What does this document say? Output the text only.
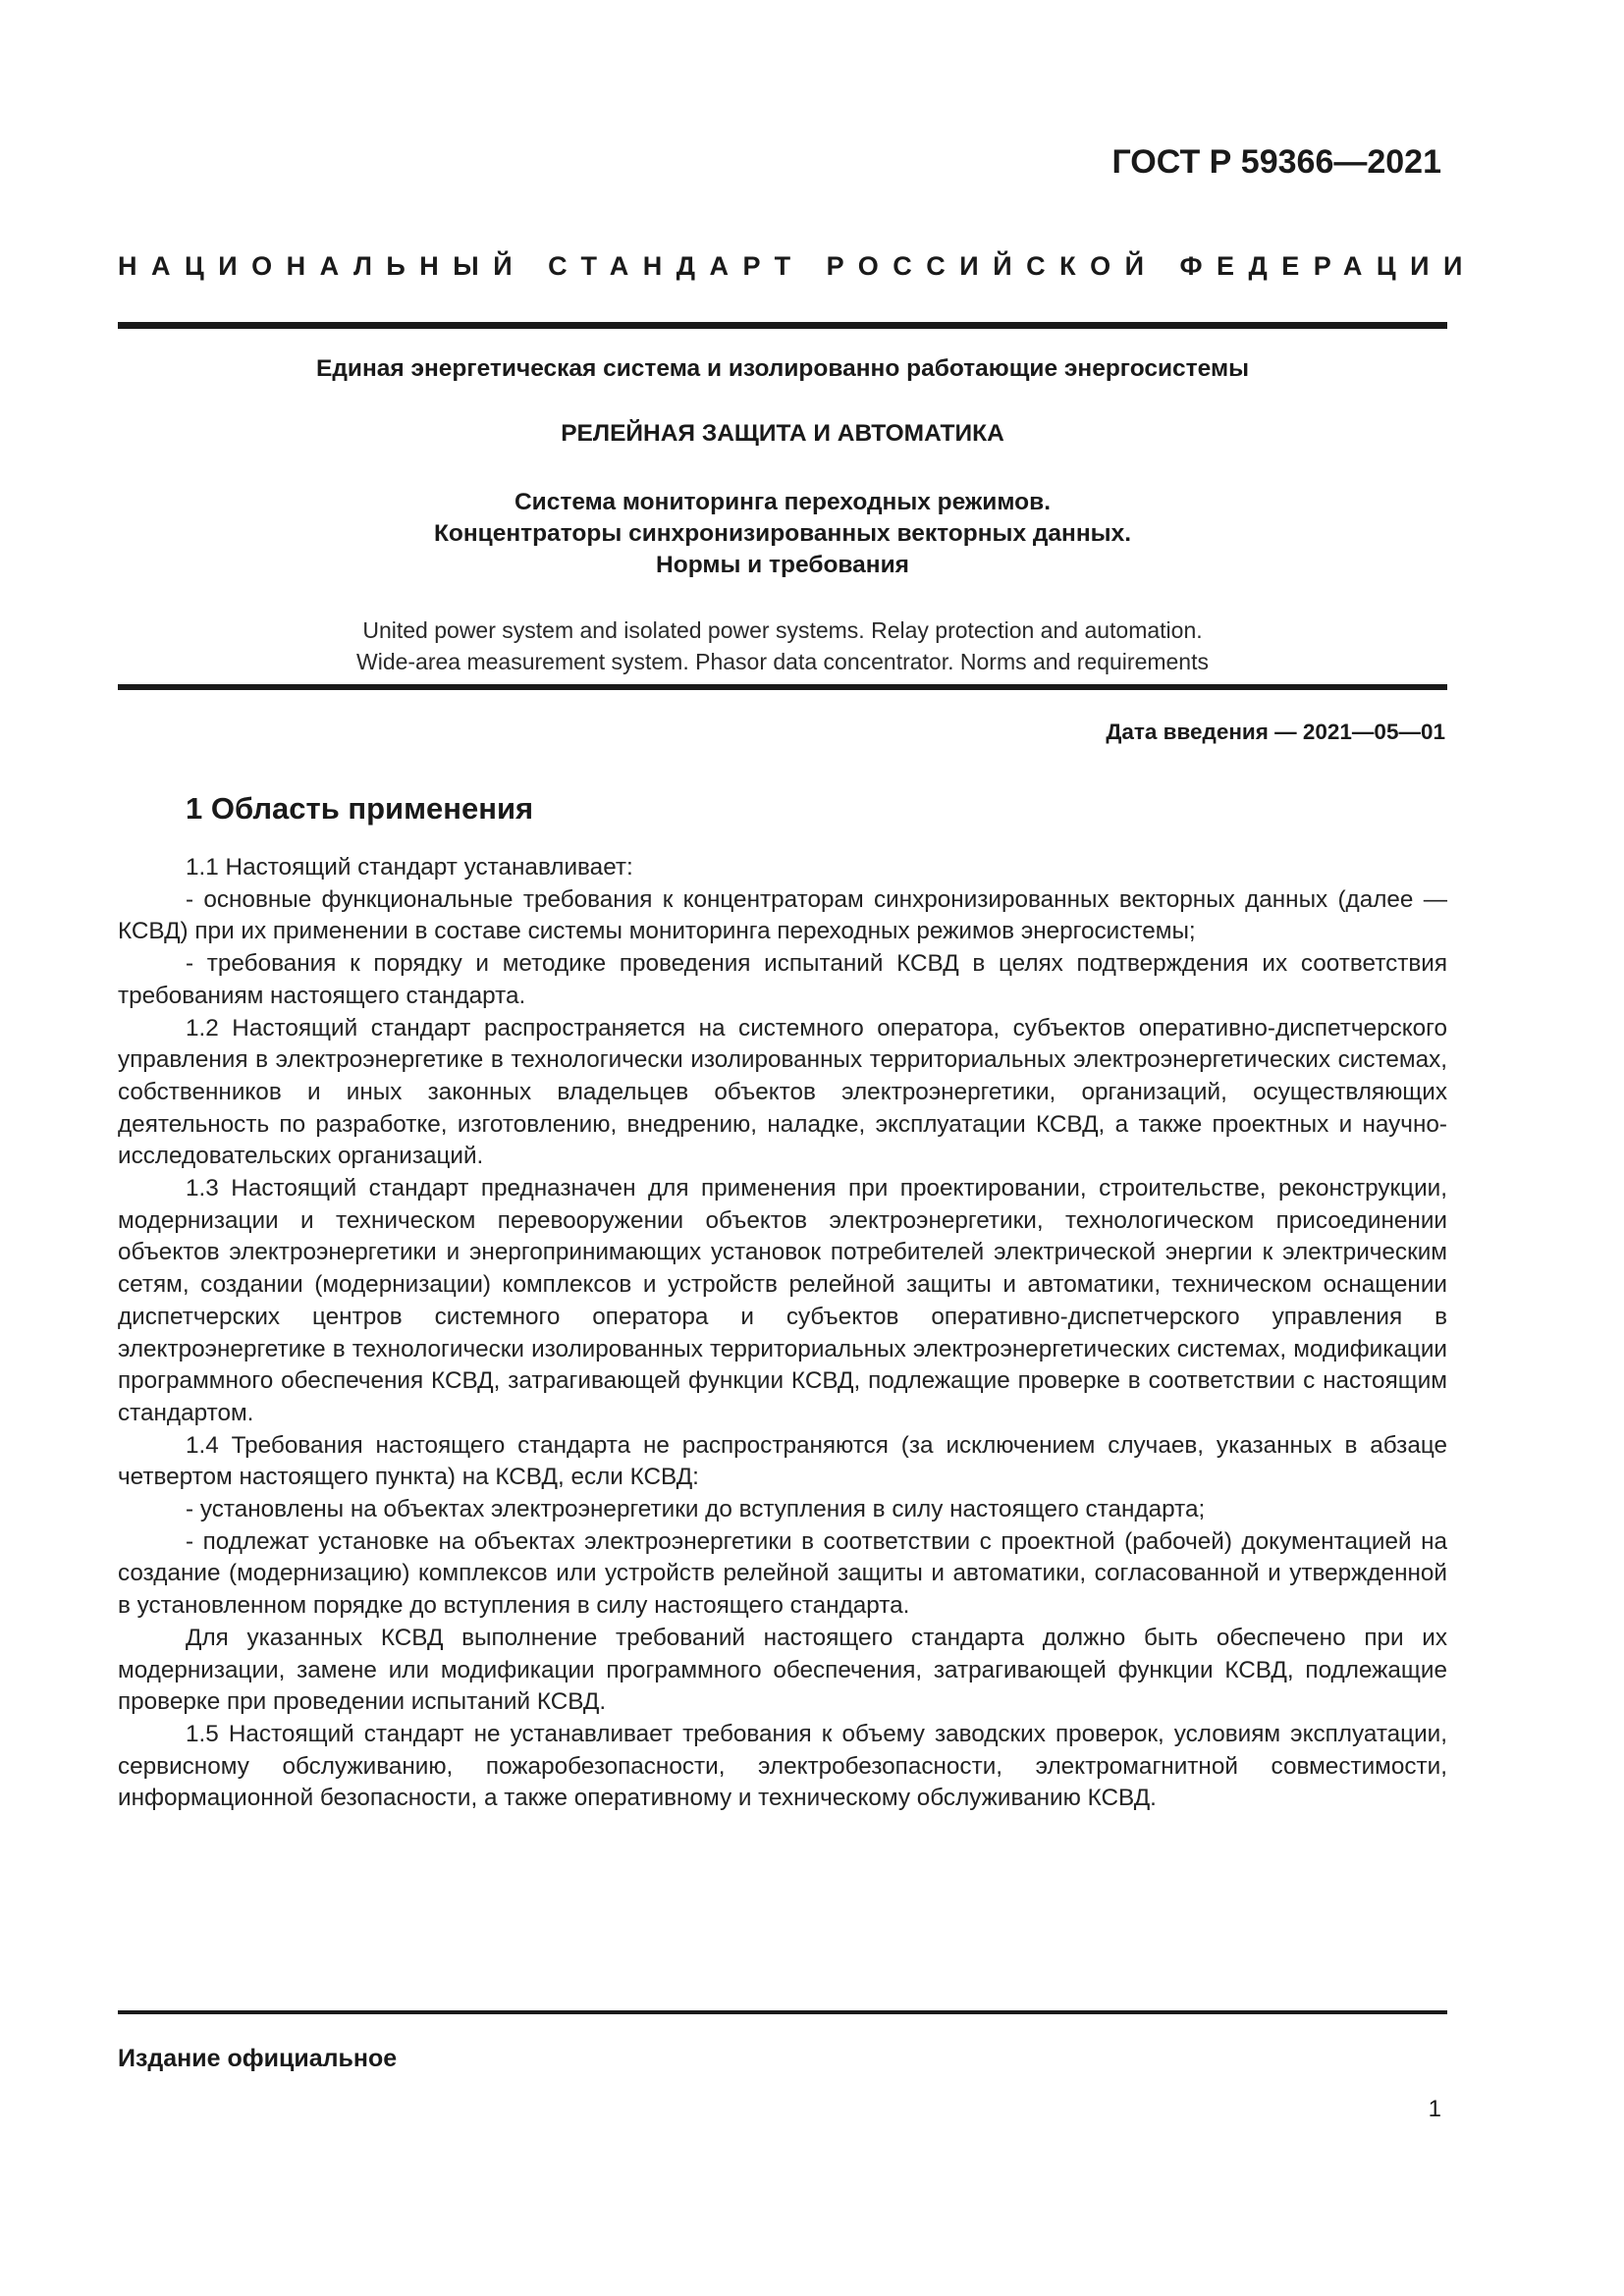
ГОСТ Р 59366—2021
НАЦИОНАЛЬНЫЙ СТАНДАРТ РОССИЙСКОЙ ФЕДЕРАЦИИ
Единая энергетическая система и изолированно работающие энергосистемы
РЕЛЕЙНАЯ ЗАЩИТА И АВТОМАТИКА
Система мониторинга переходных режимов.
Концентраторы синхронизированных векторных данных.
Нормы и требования
United power system and isolated power systems. Relay protection and automation.
Wide-area measurement system. Phasor data concentrator. Norms and requirements
Дата введения — 2021—05—01
1 Область применения

1.1 Настоящий стандарт устанавливает:

- основные функциональные требования к концентраторам синхронизированных векторных данных (далее — КСВД) при их применении в составе системы мониторинга переходных режимов энергосистемы;

- требования к порядку и методике проведения испытаний КСВД в целях подтверждения их соответствия требованиям настоящего стандарта.

1.2 Настоящий стандарт распространяется на системного оператора, субъектов оперативно-диспетчерского управления в электроэнергетике в технологически изолированных территориальных электроэнергетических системах, собственников и иных законных владельцев объектов электроэнергетики, организаций, осуществляющих деятельность по разработке, изготовлению, внедрению, наладке, эксплуатации КСВД, а также проектных и научно-исследовательских организаций.

1.3 Настоящий стандарт предназначен для применения при проектировании, строительстве, реконструкции, модернизации и техническом перевооружении объектов электроэнергетики, технологическом присоединении объектов электроэнергетики и энергопринимающих установок потребителей электрической энергии к электрическим сетям, создании (модернизации) комплексов и устройств релейной защиты и автоматики, техническом оснащении диспетчерских центров системного оператора и субъектов оперативно-диспетчерского управления в электроэнергетике в технологически изолированных территориальных электроэнергетических системах, модификации программного обеспечения КСВД, затрагивающей функции КСВД, подлежащие проверке в соответствии с настоящим стандартом.

1.4 Требования настоящего стандарта не распространяются (за исключением случаев, указанных в абзаце четвертом настоящего пункта) на КСВД, если КСВД:

- установлены на объектах электроэнергетики до вступления в силу настоящего стандарта;

- подлежат установке на объектах электроэнергетики в соответствии с проектной (рабочей) документацией на создание (модернизацию) комплексов или устройств релейной защиты и автоматики, согласованной и утвержденной в установленном порядке до вступления в силу настоящего стандарта.

Для указанных КСВД выполнение требований настоящего стандарта должно быть обеспечено при их модернизации, замене или модификации программного обеспечения, затрагивающей функции КСВД, подлежащие проверке при проведении испытаний КСВД.

1.5 Настоящий стандарт не устанавливает требования к объему заводских проверок, условиям эксплуатации, сервисному обслуживанию, пожаробезопасности, электробезопасности, электромагнитной совместимости, информационной безопасности, а также оперативному и техническому обслуживанию КСВД.

Издание официальное
1
